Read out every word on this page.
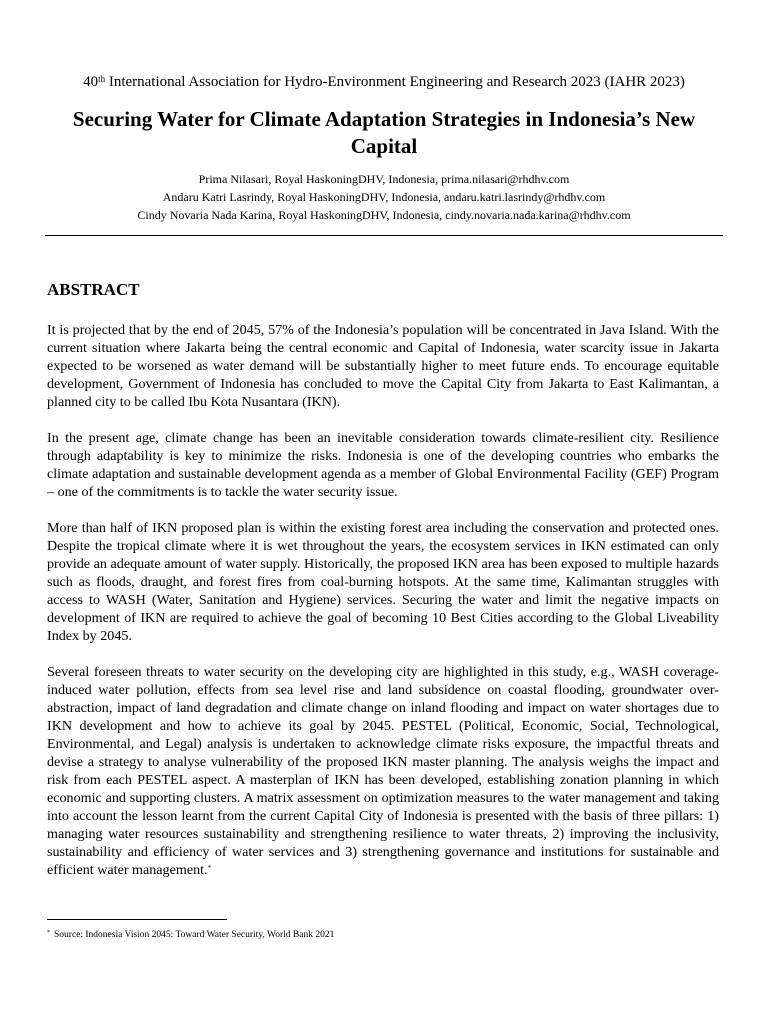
40th International Association for Hydro-Environment Engineering and Research 2023 (IAHR 2023)
Securing Water for Climate Adaptation Strategies in Indonesia’s New Capital
Prima Nilasari, Royal HaskoningDHV, Indonesia, prima.nilasari@rhdhv.com
Andaru Katri Lasrindy, Royal HaskoningDHV, Indonesia, andaru.katri.lasrindy@rhdhv.com
Cindy Novaria Nada Karina, Royal HaskoningDHV, Indonesia, cindy.novaria.nada.karina@rhdhv.com
ABSTRACT

It is projected that by the end of 2045, 57% of the Indonesia’s population will be concentrated in Java Island. With the current situation where Jakarta being the central economic and Capital of Indonesia, water scarcity issue in Jakarta expected to be worsened as water demand will be substantially higher to meet future ends. To encourage equitable development, Government of Indonesia has concluded to move the Capital City from Jakarta to East Kalimantan, a planned city to be called Ibu Kota Nusantara (IKN).

In the present age, climate change has been an inevitable consideration towards climate-resilient city. Resilience through adaptability is key to minimize the risks. Indonesia is one of the developing countries who embarks the climate adaptation and sustainable development agenda as a member of Global Environmental Facility (GEF) Program – one of the commitments is to tackle the water security issue.

More than half of IKN proposed plan is within the existing forest area including the conservation and protected ones. Despite the tropical climate where it is wet throughout the years, the ecosystem services in IKN estimated can only provide an adequate amount of water supply. Historically, the proposed IKN area has been exposed to multiple hazards such as floods, draught, and forest fires from coal-burning hotspots. At the same time, Kalimantan struggles with access to WASH (Water, Sanitation and Hygiene) services. Securing the water and limit the negative impacts on development of IKN are required to achieve the goal of becoming 10 Best Cities according to the Global Liveability Index by 2045.

Several foreseen threats to water security on the developing city are highlighted in this study, e.g., WASH coverage-induced water pollution, effects from sea level rise and land subsidence on coastal flooding, groundwater over-abstraction, impact of land degradation and climate change on inland flooding and impact on water shortages due to IKN development and how to achieve its goal by 2045. PESTEL (Political, Economic, Social, Technological, Environmental, and Legal) analysis is undertaken to acknowledge climate risks exposure, the impactful threats and devise a strategy to analyse vulnerability of the proposed IKN master planning. The analysis weighs the impact and risk from each PESTEL aspect. A masterplan of IKN has been developed, establishing zonation planning in which economic and supporting clusters. A matrix assessment on optimization measures to the water management and taking into account the lesson learnt from the current Capital City of Indonesia is presented with the basis of three pillars: 1) managing water resources sustainability and strengthening resilience to water threats, 2) improving the inclusivity, sustainability and efficiency of water services and 3) strengthening governance and institutions for sustainable and efficient water management.*

* Source: Indonesia Vision 2045: Toward Water Security, World Bank 2021
